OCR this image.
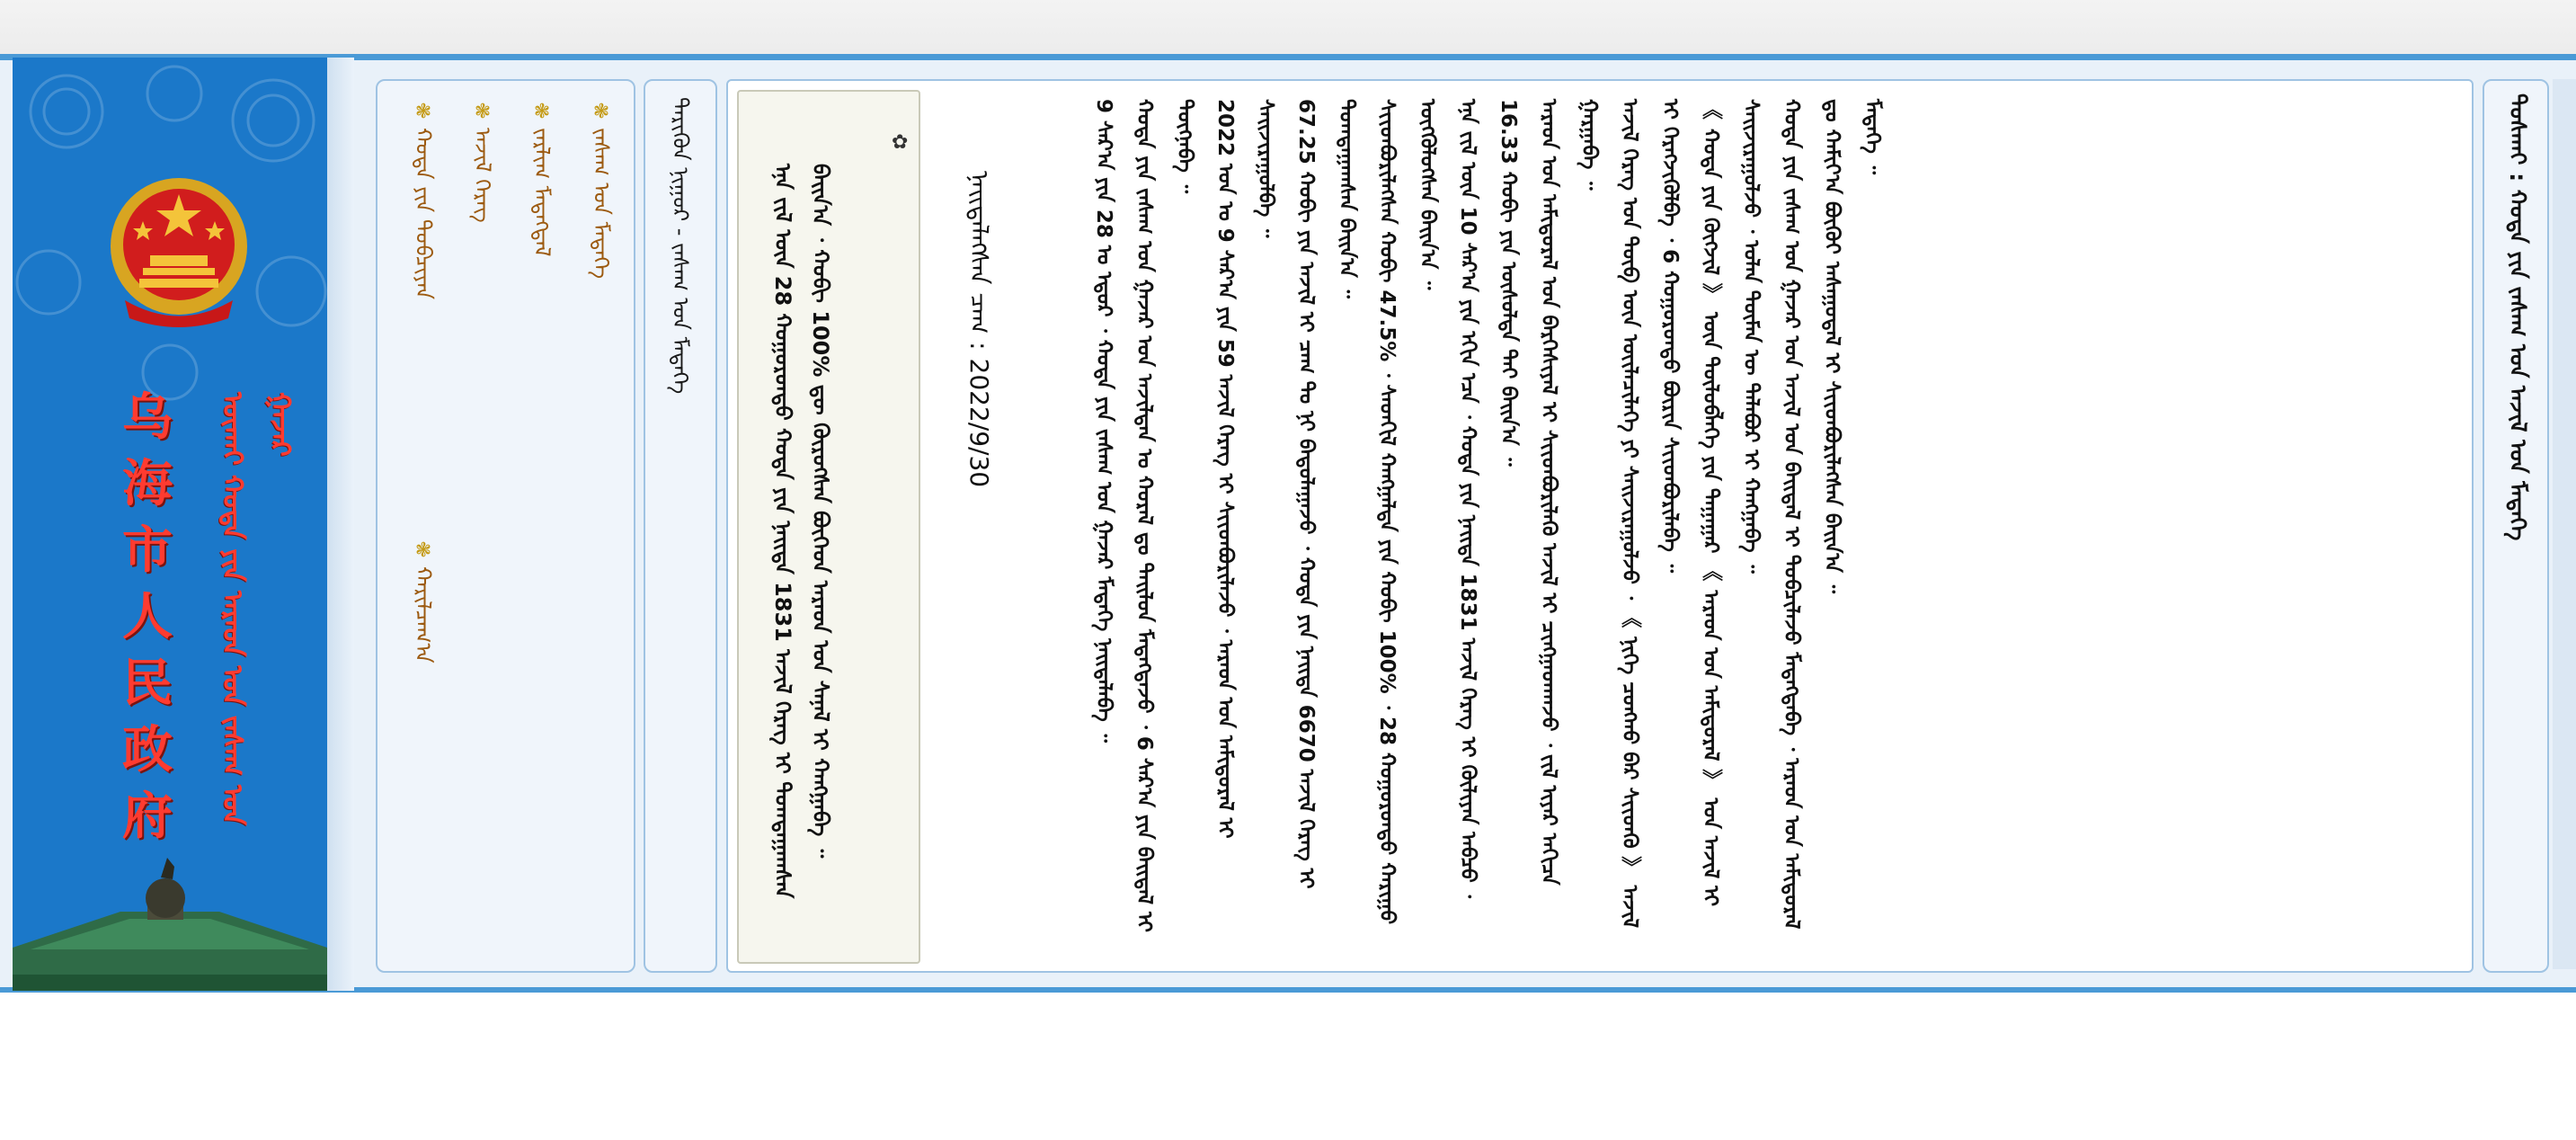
乌
海
市
人
民
政
府	ᠦᠬᠠᠢ ᠬᠣᠲᠠ ᠶᠢᠨ ᠠᠷᠠᠳ ᠤᠨ ᠵᠠᠰᠠᠭ ᠤᠨ ᠭᠠᠵᠠᠷ
❃
ᠵᠠᠰᠠᠭ ᠤᠨ ᠮᠡᠳᠡᠭᠡ
❃
ᠵᠠᠷᠯᠢᠭ ᠮᠡᠳᠡᠭᠳᠡᠯ
❃
ᠠᠵᠢᠯ ᠬᠡᠷᠡᠭ
❃
ᠬᠣᠲᠠ ᠶᠢᠨ ᠲᠣᠪᠴᠢᠶᠠᠨ
❃
ᠬᠠᠷᠢᠯᠴᠠᠭ᠎ᠠ
ᠲᠡᠷᠢᠭᠦᠨ ᠨᠢᠭᠤᠷ - ᠵᠠᠰᠠᠭ ᠤᠨ ᠮᠡᠳᠡᠭᠡ	✿
ᠡᠨᠡ ᠵᠢᠯ ᠦᠨ 28 ᠬᠣᠭᠣᠷᠣᠨᠳᠣ ᠬᠣᠲᠠ ᠶᠢᠨ ᠨᠡᠢᠲᠡ 1831 ᠠᠵᠢᠯ ᠬᠡᠷᠡᠭ ᠢ ᠲᠣᠭᠲᠠᠭᠠᠭᠰᠠᠨ ᠪᠠᠢᠨ᠎ᠠ ᠂ ᠬᠤᠪᠢ 100% ᠳᠦ ᠬᠦᠷᠦᠭᠰᠡᠨ ᠪᠥᠭᠡᠳ ᠠᠷᠠᠳ ᠤᠨ ᠰᠠᠨᠠᠯ ᠢ ᠬᠠᠩᠭᠠᠪᠠ ᠃	ᠨᠡᠢᠲᠡᠯᠡᠭᠰᠡᠨ ᠴᠠᠭ : 2022/9/30	9 ᠰᠠᠷ᠎ᠠ ᠶᠢᠨ 28 ᠤ ᠡᠳᠦᠷ ᠂ ᠬᠣᠲᠠ ᠶᠢᠨ ᠵᠠᠰᠠᠭ ᠤᠨ ᠭᠠᠵᠠᠷ ᠮᠡᠳᠡᠭᠡ ᠨᠡᠢᠲᠡᠯᠡᠪᠡ ᠃ ᠬᠣᠲᠠ ᠶᠢᠨ ᠵᠠᠰᠠᠭ ᠤᠨ ᠭᠠᠵᠠᠷ ᠤᠨ ᠠᠵᠢᠯᠲᠠᠨ ᠤ ᠬᠤᠷᠠᠯ ᠳᠤ ᠲᠠᠢᠯᠤᠨ ᠮᠡᠳᠡᠭᠳᠡᠵᠦ ᠂ 6 ᠰᠠᠷ᠎ᠠ ᠶᠢᠨ ᠪᠠᠢᠳᠠᠯ ᠢ ᠳᠦᠭᠨᠡᠪᠡ ᠃ 2022 ᠣᠨ ᠤ 9 ᠰᠠᠷ᠎ᠠ ᠶᠢᠨ 59 ᠠᠵᠢᠯ ᠬᠡᠷᠡᠭ ᠢ ᠰᠢᠢᠳᠪᠦᠷᠢᠯᠡᠵᠦ ᠂ ᠠᠷᠠᠳ ᠤᠨ ᠠᠮᠢᠳᠤᠷᠠᠯ ᠢ ᠰᠠᠢᠵᠢᠷᠠᠭᠤᠯᠪᠠ ᠃ 67.25 ᠬᠤᠪᠢ ᠶᠢᠨ ᠠᠵᠢᠯ ᠢ ᠴᠠᠭ ᠲᠤ ᠨᠢ ᠪᠠᠲᠤᠯᠠᠭᠠᠵᠤ ᠂ ᠬᠣᠲᠠ ᠶᠢᠨ ᠨᠡᠢᠲᠡ 6670 ᠠᠵᠢᠯ ᠬᠡᠷᠡᠭ ᠢ ᠲᠣᠭᠲᠠᠭᠠᠭᠰᠠᠨ ᠪᠠᠢᠨ᠎ᠠ ᠃ ᠰᠢᠢᠳᠪᠦᠷᠢᠯᠡᠭᠰᠡᠨ ᠬᠤᠪᠢ 47.5% ᠂ ᠰᠡᠳᠬᠢᠯ ᠬᠠᠩᠭᠠᠯᠲᠠ ᠶᠢᠨ ᠬᠤᠪᠢ 100% ᠂ 28 ᠬᠣᠭᠣᠷᠣᠨᠳᠣ ᠬᠠᠷᠢᠭᠤ ᠥᠭᠭᠦᠯᠦᠭᠰᠡᠨ ᠪᠠᠢᠨ᠎ᠠ ᠃ ᠡᠨᠡ ᠵᠢᠯ ᠦᠨ 10 ᠰᠠᠷ᠎ᠠ ᠶᠢᠨ ᠡᠬᠢᠨ ᠡᠴᠡ ᠂ ᠬᠣᠲᠠ ᠶᠢᠨ ᠨᠡᠢᠲᠡ 1831 ᠠᠵᠢᠯ ᠬᠡᠷᠡᠭ ᠢ ᠬᠦᠯᠢᠶᠡᠨ ᠠᠪᠴᠤ ᠂ 16.33 ᠬᠤᠪᠢ ᠶᠢᠨ ᠥᠰᠦᠯᠲᠡ ᠲᠠᠢ ᠪᠠᠢᠨ᠎ᠠ ᠃ ᠠᠷᠠᠳ ᠤᠨ ᠠᠮᠢᠳᠤᠷᠠᠯ ᠤᠨ ᠪᠡᠷᠬᠡᠰᠢᠶᠡᠯ ᠢ ᠰᠢᠢᠳᠪᠦᠷᠢᠯᠡᠬᠦ ᠠᠵᠢᠯ ᠢ ᠴᠢᠩᠭᠠᠳᠬᠠᠵᠤ ᠂ ᠵᠢᠯ ᠢᠶᠡᠷ ᠠᠬᠢᠴᠠ ᠭᠠᠷᠭᠠᠪᠠ ᠃ ᠠᠵᠢᠯ ᠬᠡᠷᠡᠭ ᠤᠨ ᠲᠥᠪ ᠦᠨ ᠦᠢᠯᠡᠴᠢᠯᠡᠭᠡ ᠶᠢ ᠰᠠᠢᠵᠢᠷᠠᠭᠤᠯᠵᠤ ᠂ 《 ᠨᠢᠭᠡ ᠴᠣᠩᠬᠣ ᠪᠠᠷ ᠰᠢᠢᠳᠬᠦ 》 ᠠᠵᠢᠯ ᠢ ᠬᠡᠷᠡᠭᠵᠢᠭᠦᠯᠪᠡ ᠂ 6 ᠬᠣᠭᠣᠷᠣᠨᠳᠣ ᠪᠦᠷᠢᠨ ᠰᠢᠢᠳᠪᠦᠷᠢᠯᠡᠪᠡ ᠃ 《 ᠬᠣᠲᠠ ᠶᠢᠨ ᠬᠥᠭᠵᠢᠯ 》 ᠦᠨ ᠲᠥᠯᠥᠪᠯᠡᠭᠡ ᠶᠢᠨ ᠳᠠᠭᠠᠭᠠᠷ 《 ᠠᠷᠠᠳ ᠤᠨ ᠠᠮᠢᠳᠤᠷᠠᠯ 》 ᠤᠨ ᠠᠵᠢᠯ ᠢ ᠰᠠᠢᠵᠢᠷᠠᠭᠤᠯᠵᠤ ᠂ ᠣᠯᠠᠨ ᠲᠦᠮᠡᠨ ᠦ ᠲᠠᠯᠠᠪᠤᠷ ᠢ ᠬᠠᠩᠭᠠᠪᠠ ᠃ ᠬᠣᠲᠠ ᠶᠢᠨ ᠵᠠᠰᠠᠭ ᠤᠨ ᠭᠠᠵᠠᠷ ᠤᠨ ᠠᠵᠢᠯ ᠤᠨ ᠪᠠᠢᠳᠠᠯ ᠢ ᠲᠣᠪᠴᠢᠯᠠᠵᠤ ᠮᠡᠳᠡᠭᠳᠡᠪᠡ ᠂ ᠠᠷᠠᠳ ᠤᠨ ᠠᠮᠢᠳᠤᠷᠠᠯ ᠳᠤ ᠬᠠᠮᠢᠶ᠎ᠠ ᠪᠦᠬᠦᠢ ᠠᠰᠠᠭᠤᠳᠠᠯ ᠢ ᠰᠢᠢᠳᠪᠦᠷᠢᠯᠡᠭᠰᠡᠨ ᠪᠠᠢᠨ᠎ᠠ ᠃ ᠮᠡᠳᠡᠭᠡ ᠃	ᠲᠤᠰᠬᠠᠢ : ᠬᠣᠲᠠ ᠶᠢᠨ ᠵᠠᠰᠠᠭ ᠤᠨ ᠠᠵᠢᠯ ᠤᠨ ᠮᠡᠳᠡᠭᠡ
